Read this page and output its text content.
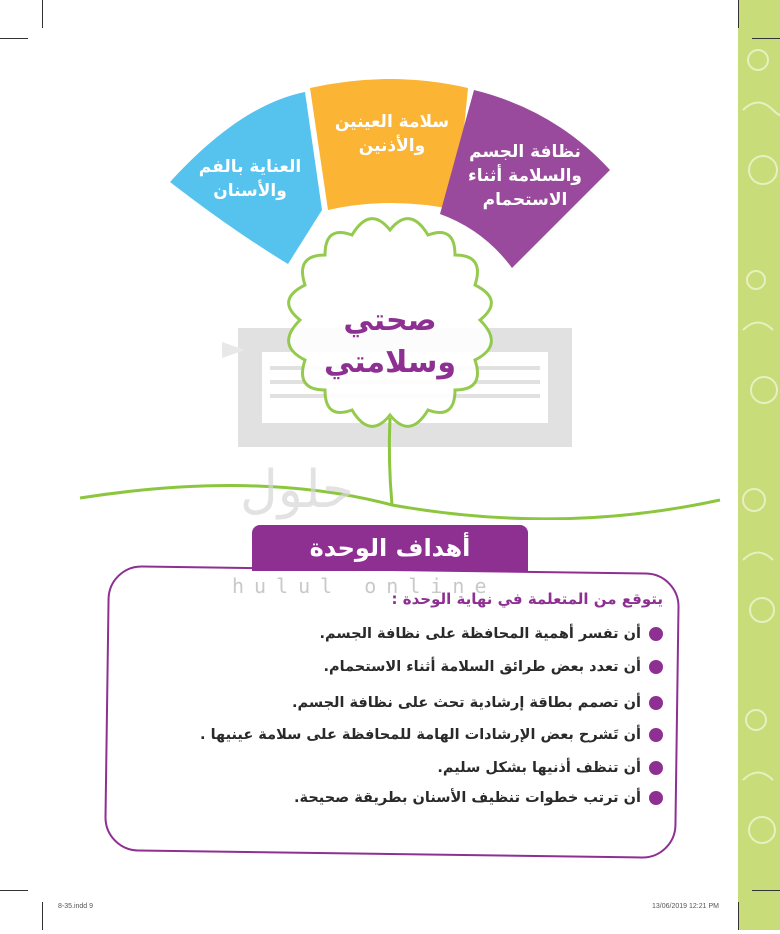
العناية بالفم والأسنان
سلامة العينين والأذنين	نظافة الجسم والسلامة أثناء الاستحمام
صحتي وسلامتي
حلول
hulul online
أهداف الوحدة
يتوقع من المتعلمة في نهاية الوحدة :
أن تفسر أهمية المحافظة على نظافة الجسم.
أن تعدد بعض طرائق السلامة أثناء الاستحمام.
أن تصمم بطاقة إرشادية تحث على نظافة الجسم.
أن تَشرح بعض الإرشادات الهامة للمحافظة على سلامة عينيها .
أن تنظف أذنيها بشكل سليم.
أن ترتب خطوات تنظيف الأسنان بطريقة صحيحة.
8-35.indd 9	13/06/2019 12:21 PM
